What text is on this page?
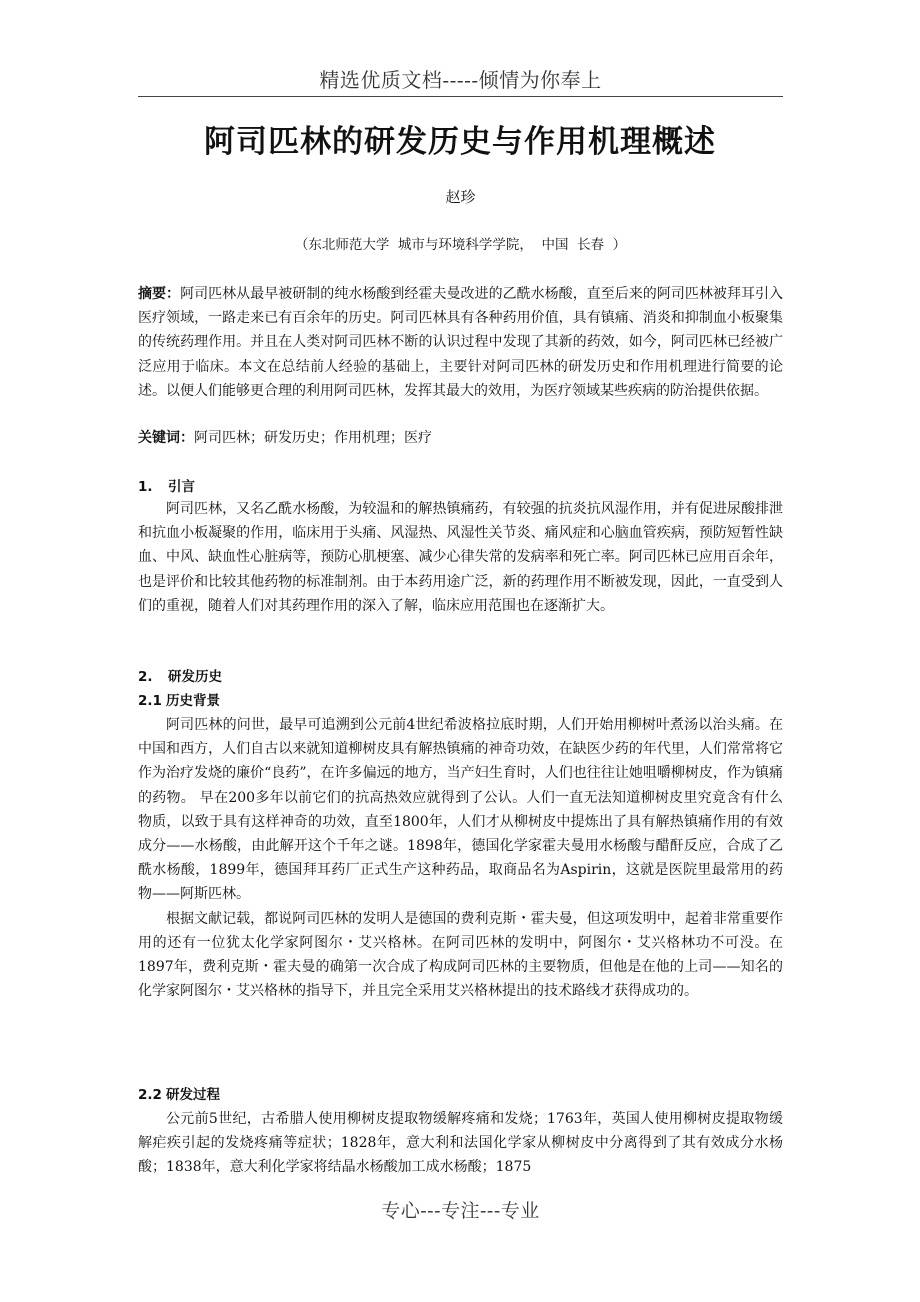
精选优质文档-----倾情为你奉上
阿司匹林的研发历史与作用机理概述
赵珍
（东北师范大学  城市与环境科学学院，  中国  长春  ）
摘要：阿司匹林从最早被研制的纯水杨酸到经霍夫曼改进的乙酰水杨酸，直至后来的阿司匹林被拜耳引入医疗领域，一路走来已有百余年的历史。阿司匹林具有各种药用价值，具有镇痛、消炎和抑制血小板聚集的传统药理作用。并且在人类对阿司匹林不断的认识过程中发现了其新的药效，如今，阿司匹林已经被广泛应用于临床。本文在总结前人经验的基础上，主要针对阿司匹林的研发历史和作用机理进行简要的论述。以便人们能够更合理的利用阿司匹林，发挥其最大的效用，为医疗领域某些疾病的防治提供依据。
关键词：阿司匹林；研发历史；作用机理；医疗
1. 引言

阿司匹林，又名乙酰水杨酸，为较温和的解热镇痛药，有较强的抗炎抗风湿作用，并有促进尿酸排泄和抗血小板凝聚的作用，临床用于头痛、风湿热、风湿性关节炎、痛风症和心脑血管疾病，预防短暂性缺血、中风、缺血性心脏病等，预防心肌梗塞、减少心律失常的发病率和死亡率。阿司匹林已应用百余年，也是评价和比较其他药物的标准制剂。由于本药用途广泛，新的药理作用不断被发现，因此，一直受到人们的重视，随着人们对其药理作用的深入了解，临床应用范围也在逐渐扩大。

2. 研发历史
2.1 历史背景

阿司匹林的问世，最早可追溯到公元前4世纪希波格拉底时期，人们开始用柳树叶煮汤以治头痛。在中国和西方，人们自古以来就知道柳树皮具有解热镇痛的神奇功效，在缺医少药的年代里，人们常常将它作为治疗发烧的廉价“良药”，在许多偏远的地方，当产妇生育时，人们也往往让她咀嚼柳树皮，作为镇痛的药物。 早在200多年以前它们的抗高热效应就得到了公认。人们一直无法知道柳树皮里究竟含有什么物质，以致于具有这样神奇的功效，直至1800年，人们才从柳树皮中提炼出了具有解热镇痛作用的有效成分——水杨酸，由此解开这个千年之谜。1898年，德国化学家霍夫曼用水杨酸与醋酐反应，合成了乙酰水杨酸，1899年，德国拜耳药厂正式生产这种药品，取商品名为Aspirin，这就是医院里最常用的药物——阿斯匹林。

根据文献记载，都说阿司匹林的发明人是德国的费利克斯・霍夫曼，但这项发明中，起着非常重要作用的还有一位犹太化学家阿图尔・艾兴格林。在阿司匹林的发明中，阿图尔・艾兴格林功不可没。在1897年，费利克斯・霍夫曼的确第一次合成了构成阿司匹林的主要物质，但他是在他的上司——知名的化学家阿图尔・艾兴格林的指导下，并且完全采用艾兴格林提出的技术路线才获得成功的。

2.2 研发过程

公元前5世纪，古希腊人使用柳树皮提取物缓解疼痛和发烧；1763年，英国人使用柳树皮提取物缓解疟疾引起的发烧疼痛等症状；1828年，意大利和法国化学家从柳树皮中分离得到了其有效成分水杨酸；1838年，意大利化学家将结晶水杨酸加工成水杨酸；1875

专心---专注---专业
